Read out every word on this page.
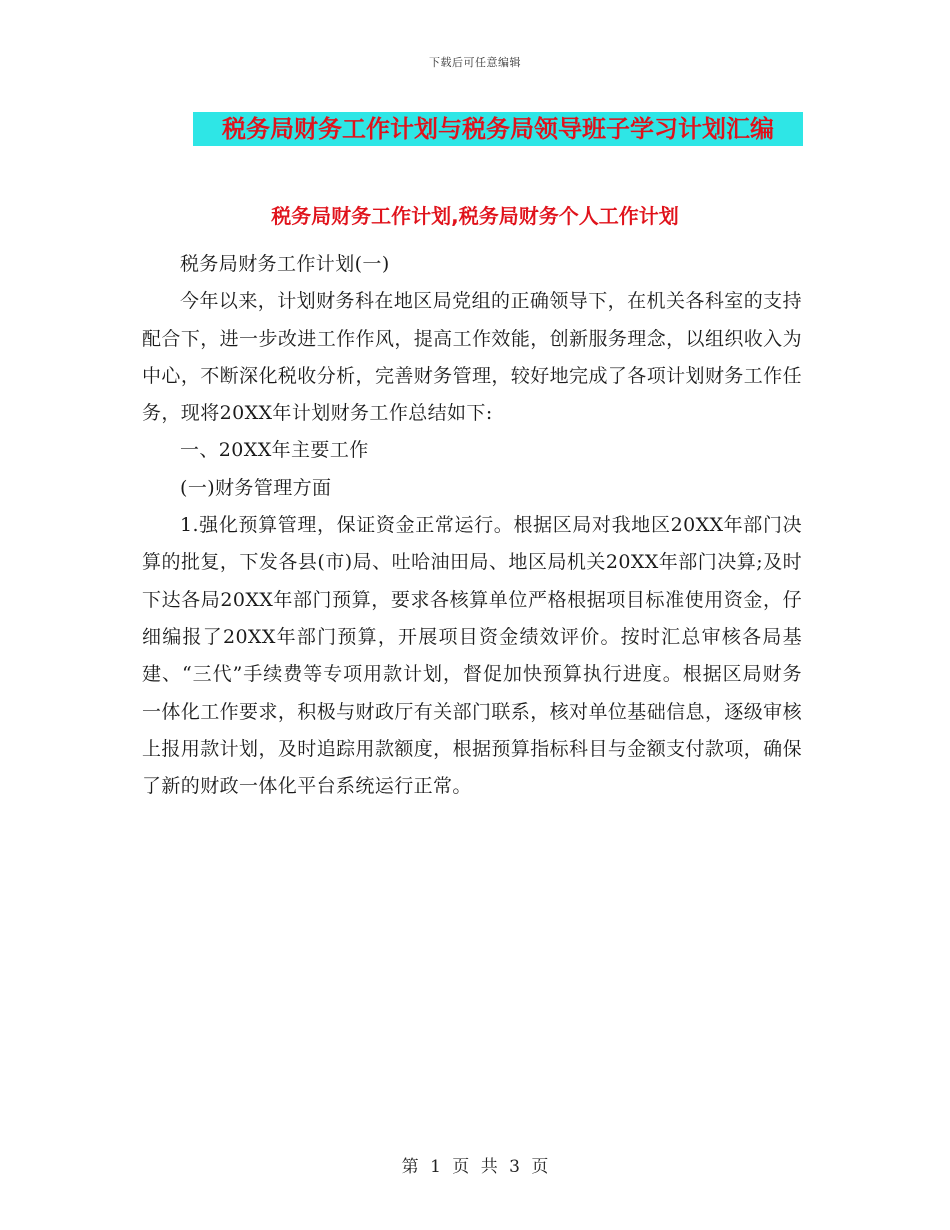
下载后可任意编辑
税务局财务工作计划与税务局领导班子学习计划汇编
税务局财务工作计划,税务局财务个人工作计划

税务局财务工作计划(一)

今年以来，计划财务科在地区局党组的正确领导下，在机关各科室的支持配合下，进一步改进工作作风，提高工作效能，创新服务理念，以组织收入为中心，不断深化税收分析，完善财务管理，较好地完成了各项计划财务工作任务，现将20XX年计划财务工作总结如下:

一、20XX年主要工作

(一)财务管理方面

1.强化预算管理，保证资金正常运行。根据区局对我地区20XX年部门决算的批复，下发各县(市)局、吐哈油田局、地区局机关20XX年部门决算;及时下达各局20XX年部门预算，要求各核算单位严格根据项目标准使用资金，仔细编报了20XX年部门预算，开展项目资金绩效评价。按时汇总审核各局基建、“三代”手续费等专项用款计划，督促加快预算执行进度。根据区局财务一体化工作要求，积极与财政厅有关部门联系，核对单位基础信息，逐级审核上报用款计划，及时追踪用款额度，根据预算指标科目与金额支付款项，确保了新的财政一体化平台系统运行正常。

第 1 页 共 3 页
